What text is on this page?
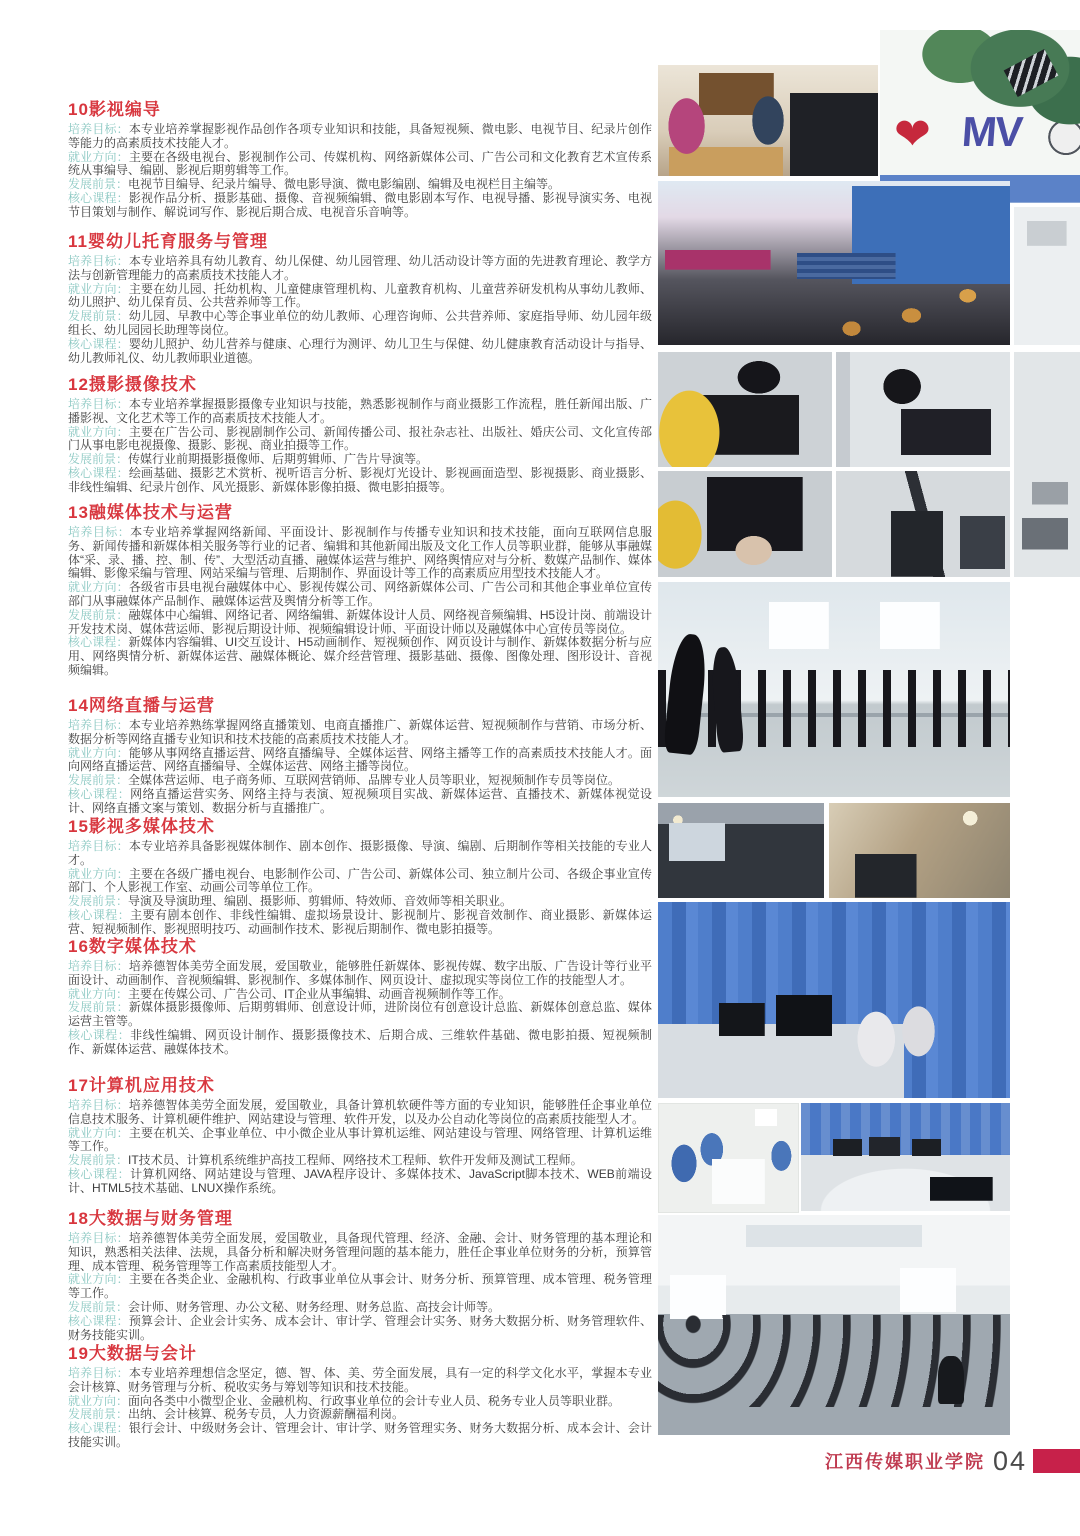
10影视编导

培养目标：本专业培养掌握影视作品创作各项专业知识和技能，具备短视频、微电影、电视节目、纪录片创作等能力的高素质技术技能人才。

就业方向：主要在各级电视台、影视制作公司、传媒机构、网络新媒体公司、广告公司和文化教育艺术宣传系统从事编导、编剧、影视后期剪辑等工作。

发展前景：电视节目编导、纪录片编导、微电影导演、微电影编剧、编辑及电视栏目主编等。

核心课程：影视作品分析、摄影基础、摄像、音视频编辑、微电影剧本写作、电视导播、影视导演实务、电视节目策划与制作、解说词写作、影视后期合成、电视音乐音响等。

11婴幼儿托育服务与管理

培养目标：本专业培养具有幼儿教育、幼儿保健、幼儿园管理、幼儿活动设计等方面的先进教育理论、教学方法与创新管理能力的高素质技术技能人才。

就业方向：主要在幼儿园、托幼机构、儿童健康管理机构、儿童教育机构、儿童营养研发机构从事幼儿教师、幼儿照护、幼儿保育员、公共营养师等工作。

发展前景：幼儿园、早教中心等企事业单位的幼儿教师、心理咨询师、公共营养师、家庭指导师、幼儿园年级组长、幼儿园园长助理等岗位。

核心课程：婴幼儿照护、幼儿营养与健康、心理行为测评、幼儿卫生与保健、幼儿健康教育活动设计与指导、幼儿教师礼仪、幼儿教师职业道德。

12摄影摄像技术

培养目标：本专业培养掌握摄影摄像专业知识与技能，熟悉影视制作与商业摄影工作流程，胜任新闻出版、广播影视、文化艺术等工作的高素质技术技能人才。

就业方向：主要在广告公司、影视剧制作公司、新闻传播公司、报社杂志社、出版社、婚庆公司、文化宣传部门从事电影电视摄像、摄影、影视、商业拍摄等工作。

发展前景：传媒行业前期摄影摄像师、后期剪辑师、广告片导演等。

核心课程：绘画基础、摄影艺术赏析、视听语言分析、影视灯光设计、影视画面造型、影视摄影、商业摄影、非线性编辑、纪录片创作、风光摄影、新媒体影像拍摄、微电影拍摄等。

13融媒体技术与运营

培养目标：本专业培养掌握网络新闻、平面设计、影视制作与传播专业知识和技术技能，面向互联网信息服务、新闻传播和新媒体相关服务等行业的记者、编辑和其他新闻出版及文化工作人员等职业群，能够从事融媒体“采、录、播、控、制、传”、大型活动直播、融媒体运营与维护、网络舆情应对与分析、数媒产品制作、媒体编辑、影像采编与管理、网站采编与管理、后期制作、界面设计等工作的高素质应用型技术技能人才。

就业方向：各级省市县电视台融媒体中心、影视传媒公司、网络新媒体公司、广告公司和其他企事业单位宣传部门从事融媒体产品制作、融媒体运营及舆情分析等工作。

发展前景：融媒体中心编辑、网络记者、网络编辑、新媒体设计人员、网络视音频编辑、H5设计岗、前端设计开发技术岗、媒体营运师、影视后期设计师、视频编辑设计师、平面设计师以及融媒体中心宣传员等岗位。

核心课程：新媒体内容编辑、UI交互设计、H5动画制作、短视频创作、网页设计与制作、新媒体数据分析与应用、网络舆情分析、新媒体运营、融媒体概论、媒介经营管理、摄影基础、摄像、图像处理、图形设计、音视频编辑。

14网络直播与运营

培养目标：本专业培养熟练掌握网络直播策划、电商直播推广、新媒体运营、短视频制作与营销、市场分析、数据分析等网络直播专业知识和技术技能的高素质技术技能人才。

就业方向：能够从事网络直播运营、网络直播编导、全媒体运营、网络主播等工作的高素质技术技能人才。面向网络直播运营、网络直播编导、全媒体运营、网络主播等岗位。

发展前景：全媒体营运师、电子商务师、互联网营销师、品牌专业人员等职业，短视频制作专员等岗位。

核心课程：网络直播运营实务、网络主持与表演、短视频项目实战、新媒体运营、直播技术、新媒体视觉设计、网络直播文案与策划、数据分析与直播推广。

15影视多媒体技术

培养目标：本专业培养具备影视媒体制作、剧本创作、摄影摄像、导演、编剧、后期制作等相关技能的专业人才。

就业方向：主要在各级广播电视台、电影制作公司、广告公司、新媒体公司、独立制片公司、各级企事业宣传部门、个人影视工作室、动画公司等单位工作。

发展前景：导演及导演助理、编剧、摄影师、剪辑师、特效师、音效师等相关职业。

核心课程：主要有剧本创作、非线性编辑、虚拟场景设计、影视制片、影视音效制作、商业摄影、新媒体运营、短视频制作、影视照明技巧、动画制作技术、影视后期制作、微电影拍摄等。

16数字媒体技术

培养目标：培养德智体美劳全面发展，爱国敬业，能够胜任新媒体、影视传媒、数字出版、广告设计等行业平面设计、动画制作、音视频编辑、影视制作、多媒体制作、网页设计、虚拟现实等岗位工作的技能型人才。

就业方向：主要在传媒公司、广告公司、IT企业从事编辑、动画音视频制作等工作。

发展前景：新媒体摄影摄像师、后期剪辑师、创意设计师，进阶岗位有创意设计总监、新媒体创意总监、媒体运营主管等。

核心课程：非线性编辑、网页设计制作、摄影摄像技术、后期合成、三维软件基础、微电影拍摄、短视频制作、新媒体运营、融媒体技术。

17计算机应用技术

培养目标：培养德智体美劳全面发展，爱国敬业，具备计算机软硬件等方面的专业知识，能够胜任企事业单位信息技术服务、计算机硬件维护、网站建设与管理、软件开发，以及办公自动化等岗位的高素质技能型人才。

就业方向：主要在机关、企事业单位、中小微企业从事计算机运维、网站建设与管理、网络管理、计算机运维等工作。

发展前景：IT技术员、计算机系统维护高技工程师、网络技术工程师、软件开发师及测试工程师。

核心课程：计算机网络、网站建设与管理、JAVA程序设计、多媒体技术、JavaScript脚本技术、WEB前端设计、HTML5技术基础、LNUX操作系统。

18大数据与财务管理

培养目标：培养德智体美劳全面发展，爱国敬业，具备现代管理、经济、金融、会计、财务管理的基本理论和知识，熟悉相关法律、法规，具备分析和解决财务管理问题的基本能力，胜任企事业单位财务的分析，预算管理、成本管理、税务管理等工作高素质技能型人才。

就业方向：主要在各类企业、金融机构、行政事业单位从事会计、财务分析、预算管理、成本管理、税务管理等工作。

发展前景：会计师、财务管理、办公文秘、财务经理、财务总监、高技会计师等。

核心课程：预算会计、企业会计实务、成本会计、审计学、管理会计实务、财务大数据分析、财务管理软件、财务技能实训。

19大数据与会计

培养目标：本专业培养理想信念坚定，德、智、体、美、劳全面发展，具有一定的科学文化水平，掌握本专业会计核算、财务管理与分析、税收实务与筹划等知识和技术技能。

就业方向：面向各类中小微型企业、金融机构、行政事业单位的会计专业人员、税务专业人员等职业群。

发展前景：出纳、会计核算、税务专员，人力资源薪酬福利岗。

核心课程：银行会计、中级财务会计、管理会计、审计学、财务管理实务、财务大数据分析、成本会计、会计技能实训。

❤ MV
江西传媒职业学院 04
